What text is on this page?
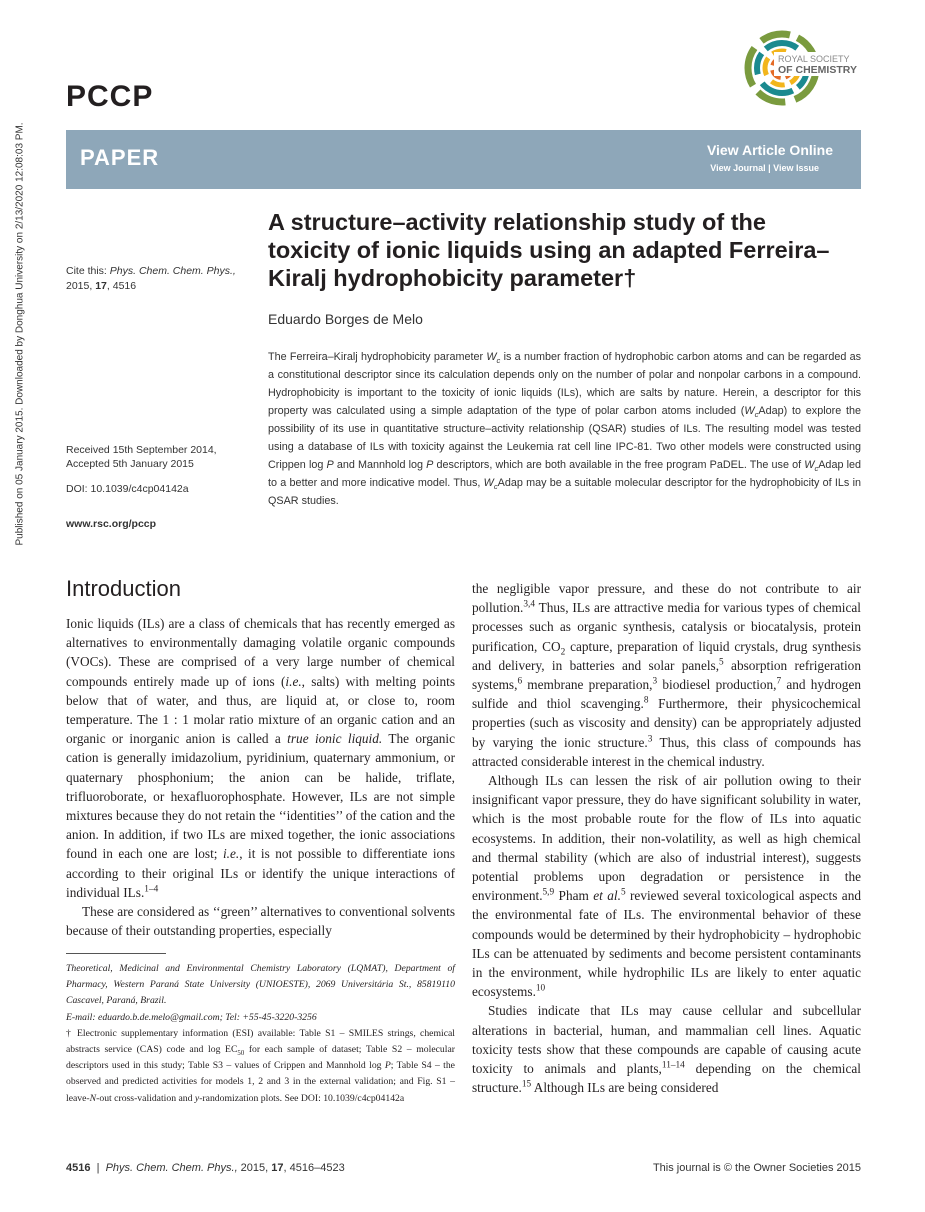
Published on 05 January 2015. Downloaded by Donghua University on 2/13/2020 12:08:03 PM.
PCCP
ROYAL SOCIETY
OF CHEMISTRY
PAPER	View Article Online
View Journal | View Issue
Cite this: Phys. Chem. Chem. Phys.,
2015, 17, 4516
Received 15th September 2014,
Accepted 5th January 2015
DOI: 10.1039/c4cp04142a
www.rsc.org/pccp
A structure–activity relationship study of the toxicity of ionic liquids using an adapted Ferreira–Kiralj hydrophobicity parameter†
Eduardo Borges de Melo
The Ferreira–Kiralj hydrophobicity parameter $W_c$ is a number fraction of hydrophobic carbon atoms and can be regarded as a constitutional descriptor since its calculation depends only on the number of polar and nonpolar carbons in a compound. Hydrophobicity is important to the toxicity of ionic liquids (ILs), which are salts by nature. Herein, a descriptor for this property was calculated using a simple adaptation of the type of polar carbon atoms included $(W_cAdap)$ to explore the possibility of its use in quantitative structure–activity relationship (QSAR) studies of ILs. The resulting model was tested using a database of ILs with toxicity against the Leukemia rat cell line IPC-81. Two other models were constructed using Crippen log P and Mannhold log P descriptors, which are both available in the free program PaDEL. The use of $W_cAdap$ led to a better and more indicative model. Thus, $W_cAdap$ may be a suitable molecular descriptor for the hydrophobicity of ILs in QSAR studies.
Introduction

Ionic liquids (ILs) are a class of chemicals that has recently emerged as alternatives to environmentally damaging volatile organic compounds (VOCs). These are comprised of a very large number of chemical compounds entirely made up of ions (i.e., salts) with melting points below that of water, and thus, are liquid at, or close to, room temperature. The 1 : 1 molar ratio mixture of an organic cation and an organic or inorganic anion is called a true ionic liquid. The organic cation is generally imidazolium, pyridinium, quaternary ammonium, or quaternary phosphonium; the anion can be halide, triflate, trifluoroborate, or hexafluorophosphate. However, ILs are not simple mixtures because they do not retain the ‘‘identities’’ of the cation and the anion. In addition, if two ILs are mixed together, the ionic associations found in each one are lost; i.e., it is not possible to differentiate ions according to their original ILs or identify the unique interactions of individual ILs.$^{1-4}$

These are considered as ‘‘green’’ alternatives to conventional solvents because of their outstanding properties, especially

the negligible vapor pressure, and these do not contribute to air pollution.$^{3,4}$ Thus, ILs are attractive media for various types of chemical processes such as organic synthesis, catalysis or biocatalysis, protein purification, $CO_2$ capture, preparation of liquid crystals, drug synthesis and delivery, in batteries and solar panels,$^5$ absorption refrigeration systems,$^6$ membrane preparation,$^3$ biodiesel production,$^7$ and hydrogen sulfide and thiol scavenging.$^8$ Furthermore, their physicochemical properties (such as viscosity and density) can be appropriately adjusted by varying the ionic structure.$^3$ Thus, this class of compounds has attracted considerable interest in the chemical industry.

Although ILs can lessen the risk of air pollution owing to their insignificant vapor pressure, they do have significant solubility in water, which is the most probable route for the flow of ILs into aquatic ecosystems. In addition, their non-volatility, as well as high chemical and thermal stability (which are also of industrial interest), suggests potential problems upon degradation or persistence in the environment.$^{5,9}$ Pham et al.$^5$ reviewed several toxicological aspects and the environmental fate of ILs. The environmental behavior of these compounds would be determined by their hydrophobicity – hydrophobic ILs can be attenuated by sediments and become persistent contaminants in the environment, while hydrophilic ILs are likely to enter aquatic ecosystems.$^{10}$

Studies indicate that ILs may cause cellular and subcellular alterations in bacterial, human, and mammalian cell lines. Aquatic toxicity tests show that these compounds are capable of causing acute toxicity to animals and plants,$^{11-14}$ depending on the chemical structure.$^{15}$ Although ILs are being considered

Theoretical, Medicinal and Environmental Chemistry Laboratory (LQMAT), Department of Pharmacy, Western Paraná State University (UNIOESTE), 2069 Universitária St., 85819110 Cascavel, Paraná, Brazil.

E-mail: eduardo.b.de.melo@gmail.com; Tel: +55-45-3220-3256

† Electronic supplementary information (ESI) available: Table S1 – SMILES strings, chemical abstracts service (CAS) code and $\log EC_{50}$ for each sample of dataset; Table S2 – molecular descriptors used in this study; Table S3 – values of Crippen and Mannhold log P; Table S4 – the observed and predicted activities for models 1, 2 and 3 in the external validation; and Fig. S1 – leave-N-out cross-validation and y-randomization plots. See DOI: 10.1039/c4cp04142a

4516  |  Phys. Chem. Chem. Phys., 2015, 17, 4516–4523	This journal is © the Owner Societies 2015
